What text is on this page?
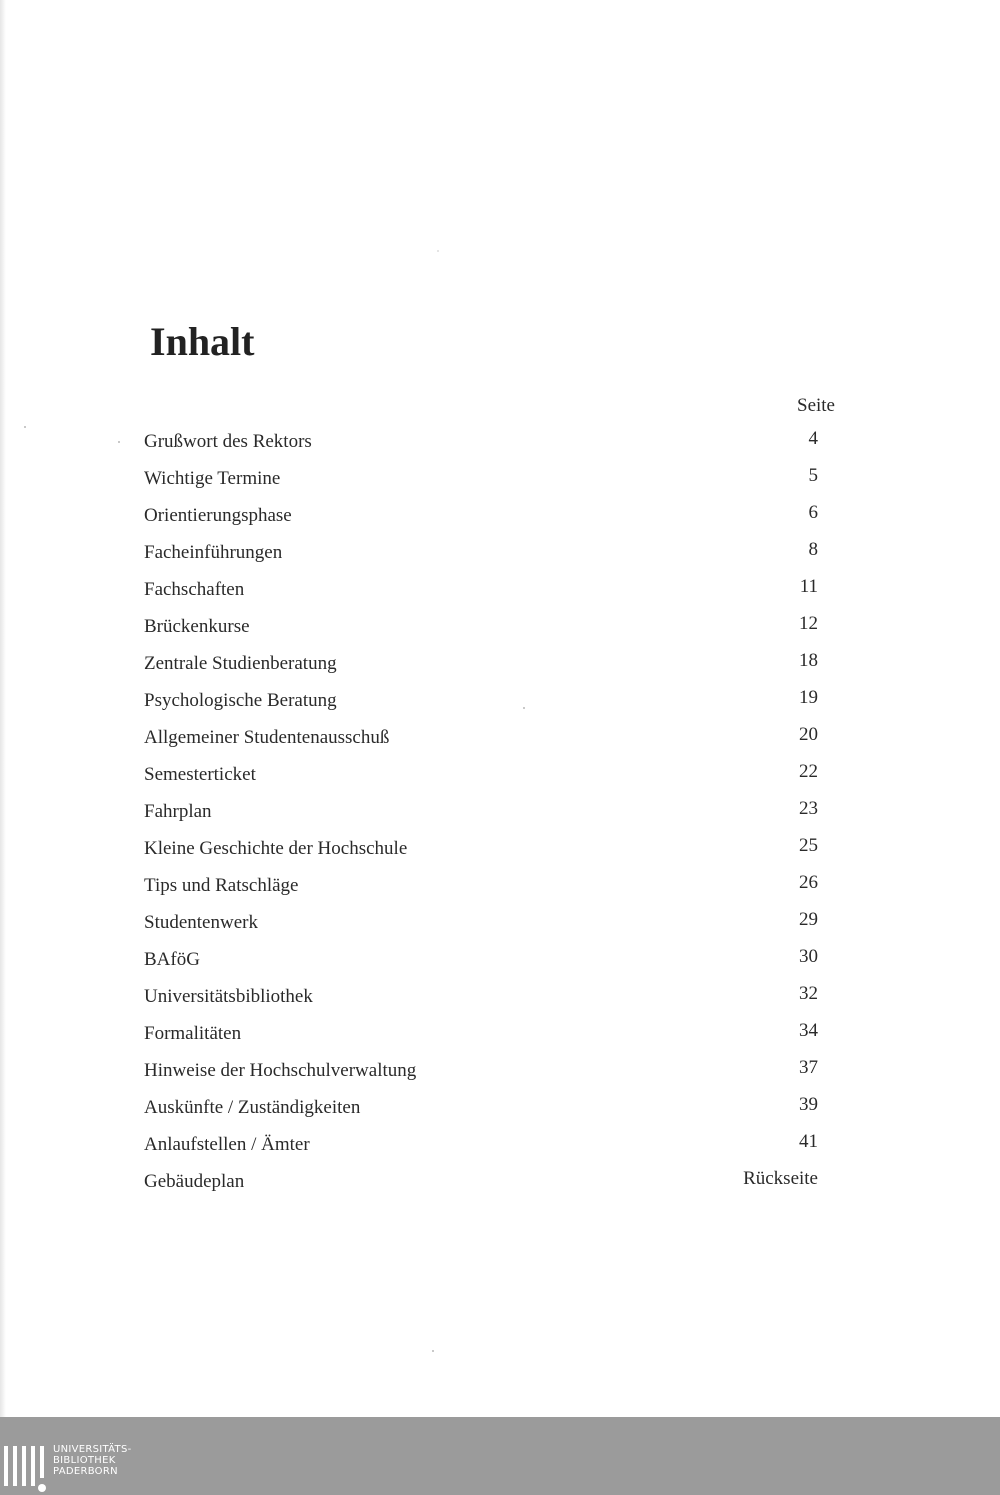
Inhalt
Seite
Grußwort des Rektors	4
Wichtige Termine	5
Orientierungsphase	6
Facheinführungen	8
Fachschaften	11
Brückenkurse	12
Zentrale Studienberatung	18
Psychologische Beratung	19
Allgemeiner Studentenausschuß	20
Semesterticket	22
Fahrplan	23
Kleine Geschichte der Hochschule	25
Tips und Ratschläge	26
Studentenwerk	29
BAföG	30
Universitätsbibliothek	32
Formalitäten	34
Hinweise der Hochschulverwaltung	37
Auskünfte / Zuständigkeiten	39
Anlaufstellen / Ämter	41
Gebäudeplan	Rückseite
UNIVERSITÄTS-
BIBLIOTHEK
PADERBORN
